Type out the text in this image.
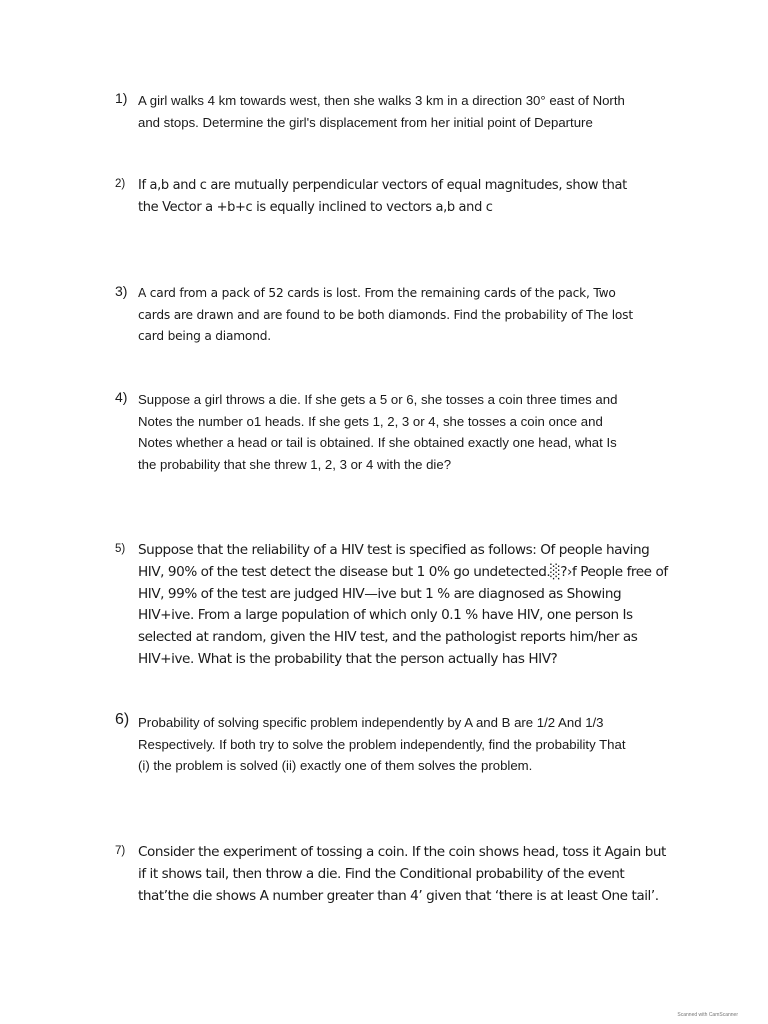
1) A girl walks 4 km towards west, then she walks 3 km in a direction 30° east of North
and stops. Determine the girl's displacement from her initial point of Departure
2) If a,b and c are mutually perpendicular vectors of equal magnitudes, show that
the Vector a +b+c is equally inclined to vectors a,b and c
3) A card from a pack of 52 cards is lost. From the remaining cards of the pack, Two
cards are drawn and are found to be both diamonds. Find the probability of The lost
card being a diamond.
4) Suppose a girl throws a die. If she gets a 5 or 6, she tosses a coin three times and
Notes the number o1 heads. If she gets 1, 2, 3 or 4, she tosses a coin once and
Notes whether a head or tail is obtained. If she obtained exactly one head, what Is
the probability that she threw 1, 2, 3 or 4 with the die?
5) Suppose that the reliability of a HIV test is specified as follows: Of people having
HIV, 90% of the test detect the disease but 1 0% go undetected.░?›f People free of
HIV, 99% of the test are judged HIV—ive but 1 % are diagnosed as Showing
HIV+ive. From a large population of which only 0.1 % have HIV, one person Is
selected at random, given the HIV test, and the pathologist reports him/her as
HIV+ive. What is the probability that the person actually has HIV?
6) Probability of solving specific problem independently by A and B are 1/2 And 1/3
Respectively. If both try to solve the problem independently, find the probability That
(i) the problem is solved (ii) exactly one of them solves the problem.
7) Consider the experiment of tossing a coin. If the coin shows head, toss it Again but
if it shows tail, then throw a die. Find the Conditional probability of the event
that’the die shows A number greater than 4’ given that ‘there is at least One tail’.
Scanned with CamScanner
